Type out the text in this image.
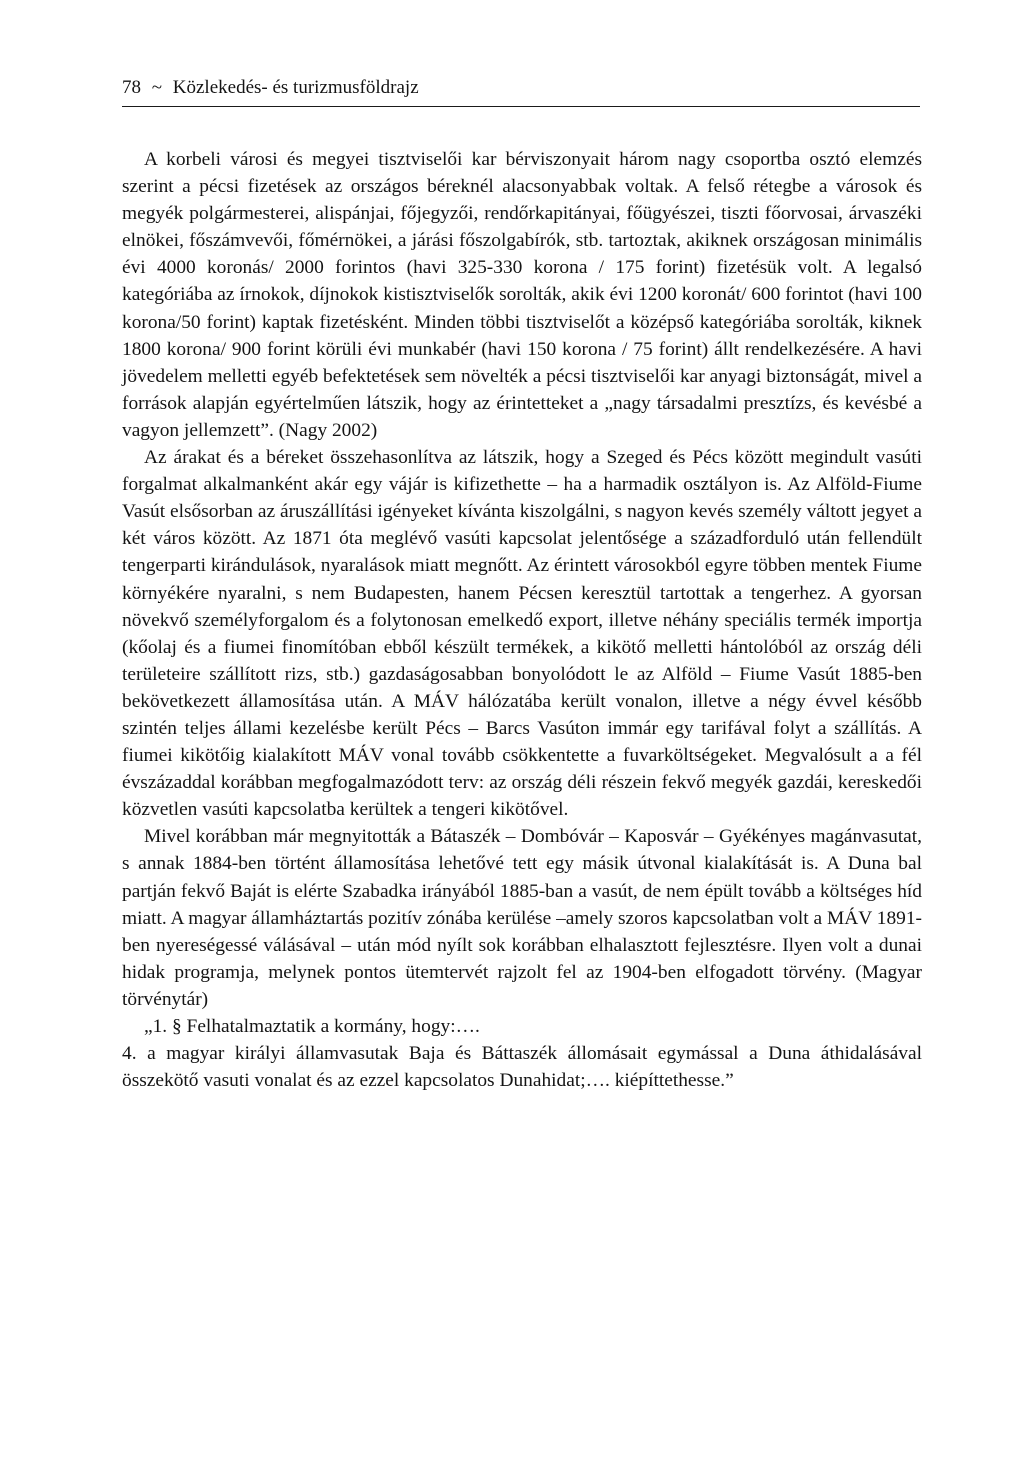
78 ~ Közlekedés- és turizmusföldrajz

A korbeli városi és megyei tisztviselői kar bérviszonyait három nagy csoportba osztó elemzés szerint a pécsi fizetések az országos béreknél alacsonyabbak voltak. A felső rétegbe a városok és megyék polgármesterei, alispánjai, főjegyzői, rendőrkapitányai, főügyészei, tiszti főorvosai, árvaszéki elnökei, főszámvevői, főmérnökei, a járási főszolgabírók, stb. tartoztak, akiknek országosan minimális évi 4000 koronás/ 2000 forintos (havi 325-330 korona / 175 forint) fizetésük volt. A legalsó kategóriába az írnokok, díjnokok kistisztviselők sorolták, akik évi 1200 koronát/ 600 forintot (havi 100 korona/50 forint) kaptak fizetésként. Minden többi tisztviselőt a középső kategóriába sorolták, kiknek 1800 korona/ 900 forint körüli évi munkabér (havi 150 korona / 75 forint) állt rendelkezésére. A havi jövedelem melletti egyéb befektetések sem növelték a pécsi tisztviselői kar anyagi biztonságát, mivel a források alapján egyértelműen látszik, hogy az érintetteket a „nagy társadalmi presztízs, és kevésbé a vagyon jellemzett”. (Nagy 2002)

Az árakat és a béreket összehasonlítva az látszik, hogy a Szeged és Pécs között megindult vasúti forgalmat alkalmanként akár egy vájár is kifizethette – ha a harmadik osztályon is. Az Alföld-Fiume Vasút elsősorban az áruszállítási igényeket kívánta kiszolgálni, s nagyon kevés személy váltott jegyet a két város között. Az 1871 óta meglévő vasúti kapcsolat jelentősége a századforduló után fellendült tengerparti kirándulások, nyaralások miatt megnőtt. Az érintett városokból egyre többen mentek Fiume környékére nyaralni, s nem Budapesten, hanem Pécsen keresztül tartottak a tengerhez. A gyorsan növekvő személyforgalom és a folytonosan emelkedő export, illetve néhány speciális termék importja (kőolaj és a fiumei finomítóban ebből készült termékek, a kikötő melletti hántolóból az ország déli területeire szállított rizs, stb.) gazdaságosabban bonyolódott le az Alföld – Fiume Vasút 1885-ben bekövetkezett államosítása után. A MÁV hálózatába került vonalon, illetve a négy évvel később szintén teljes állami kezelésbe került Pécs – Barcs Vasúton immár egy tarifával folyt a szállítás. A fiumei kikötőig kialakított MÁV vonal tovább csökkentette a fuvarköltségeket. Megvalósult a a fél évszázaddal korábban megfogalmazódott terv: az ország déli részein fekvő megyék gazdái, kereskedői közvetlen vasúti kapcsolatba kerültek a tengeri kikötővel.

Mivel korábban már megnyitották a Bátaszék – Dombóvár – Kaposvár – Gyékényes magánvasutat, s annak 1884-ben történt államosítása lehetővé tett egy másik útvonal kialakítását is. A Duna bal partján fekvő Baját is elérte Szabadka irányából 1885-ban a vasút, de nem épült tovább a költséges híd miatt. A magyar államháztartás pozitív zónába kerülése –amely szoros kapcsolatban volt a MÁV 1891-ben nyereségessé válásával – után mód nyílt sok korábban elhalasztott fejlesztésre. Ilyen volt a dunai hidak programja, melynek pontos ütemtervét rajzolt fel az 1904-ben elfogadott törvény. (Magyar törvénytár)

„1. § Felhatalmaztatik a kormány, hogy:….

4. a magyar királyi államvasutak Baja és Báttaszék állomásait egymással a Duna áthidalásával összekötő vasuti vonalat és az ezzel kapcsolatos Dunahidat;…. kiépíttethesse.”
